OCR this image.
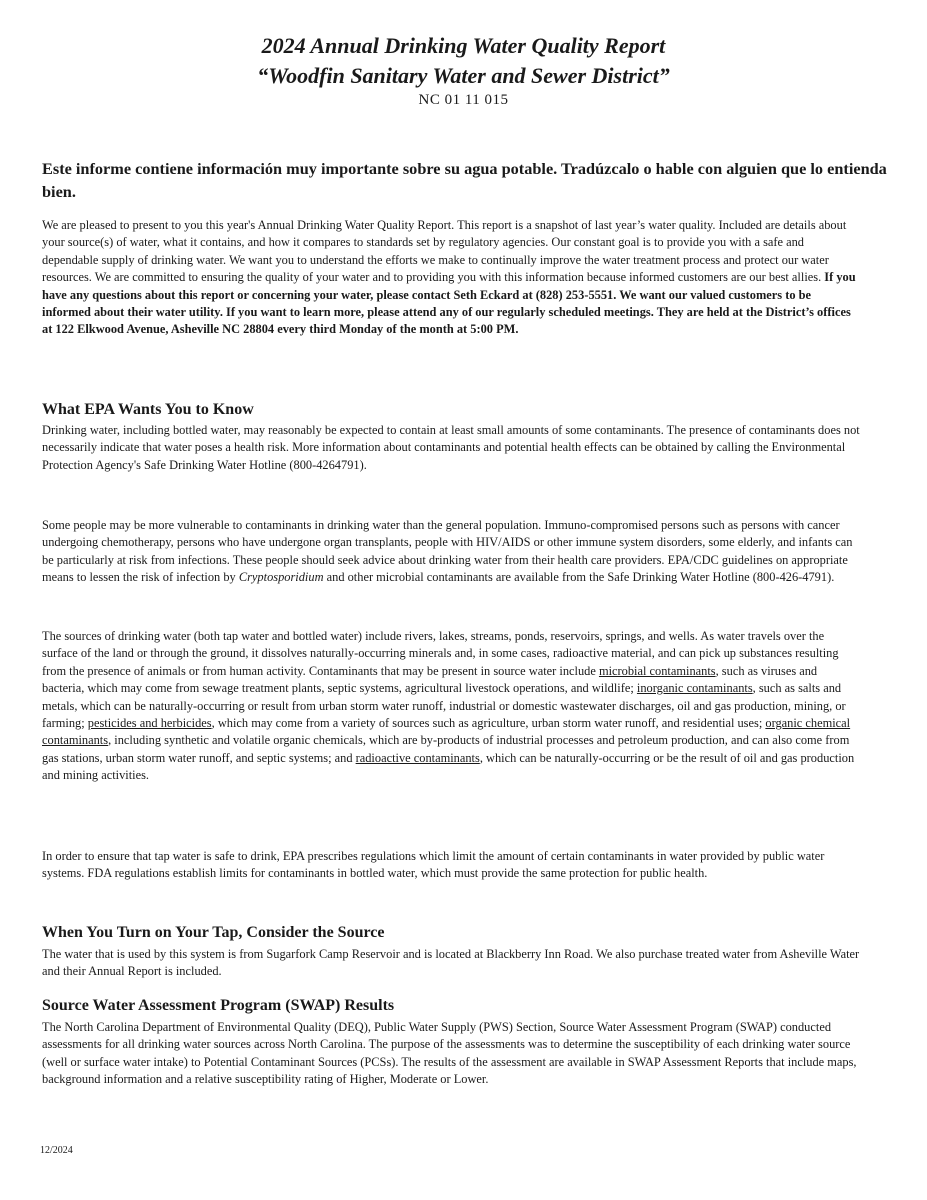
2024 Annual Drinking Water Quality Report
“Woodfin Sanitary Water and Sewer District”
NC 01 11 015

Este informe contiene información muy importante sobre su agua potable. Tradúzcalo o hable con alguien que lo entienda bien.

We are pleased to present to you this year's Annual Drinking Water Quality Report. This report is a snapshot of last year’s water quality. Included are details about your source(s) of water, what it contains, and how it compares to standards set by regulatory agencies. Our constant goal is to provide you with a safe and dependable supply of drinking water. We want you to understand the efforts we make to continually improve the water treatment process and protect our water resources. We are committed to ensuring the quality of your water and to providing you with this information because informed customers are our best allies. If you have any questions about this report or concerning your water, please contact Seth Eckard at (828) 253-5551. We want our valued customers to be informed about their water utility. If you want to learn more, please attend any of our regularly scheduled meetings. They are held at the District’s offices at 122 Elkwood Avenue, Asheville NC 28804 every third Monday of the month at 5:00 PM.

What EPA Wants You to Know

Drinking water, including bottled water, may reasonably be expected to contain at least small amounts of some contaminants. The presence of contaminants does not necessarily indicate that water poses a health risk. More information about contaminants and potential health effects can be obtained by calling the Environmental Protection Agency's Safe Drinking Water Hotline (800-4264791).

Some people may be more vulnerable to contaminants in drinking water than the general population. Immuno-compromised persons such as persons with cancer undergoing chemotherapy, persons who have undergone organ transplants, people with HIV/AIDS or other immune system disorders, some elderly, and infants can be particularly at risk from infections. These people should seek advice about drinking water from their health care providers. EPA/CDC guidelines on appropriate means to lessen the risk of infection by Cryptosporidium and other microbial contaminants are available from the Safe Drinking Water Hotline (800-426-4791).

The sources of drinking water (both tap water and bottled water) include rivers, lakes, streams, ponds, reservoirs, springs, and wells. As water travels over the surface of the land or through the ground, it dissolves naturally-occurring minerals and, in some cases, radioactive material, and can pick up substances resulting from the presence of animals or from human activity. Contaminants that may be present in source water include microbial contaminants, such as viruses and bacteria, which may come from sewage treatment plants, septic systems, agricultural livestock operations, and wildlife; inorganic contaminants, such as salts and metals, which can be naturally-occurring or result from urban storm water runoff, industrial or domestic wastewater discharges, oil and gas production, mining, or farming; pesticides and herbicides, which may come from a variety of sources such as agriculture, urban storm water runoff, and residential uses; organic chemical contaminants, including synthetic and volatile organic chemicals, which are by-products of industrial processes and petroleum production, and can also come from gas stations, urban storm water runoff, and septic systems; and radioactive contaminants, which can be naturally-occurring or be the result of oil and gas production and mining activities.

In order to ensure that tap water is safe to drink, EPA prescribes regulations which limit the amount of certain contaminants in water provided by public water systems. FDA regulations establish limits for contaminants in bottled water, which must provide the same protection for public health.

When You Turn on Your Tap, Consider the Source

The water that is used by this system is from Sugarfork Camp Reservoir and is located at Blackberry Inn Road. We also purchase treated water from Asheville Water and their Annual Report is included.

Source Water Assessment Program (SWAP) Results

The North Carolina Department of Environmental Quality (DEQ), Public Water Supply (PWS) Section, Source Water Assessment Program (SWAP) conducted assessments for all drinking water sources across North Carolina. The purpose of the assessments was to determine the susceptibility of each drinking water source (well or surface water intake) to Potential Contaminant Sources (PCSs). The results of the assessment are available in SWAP Assessment Reports that include maps, background information and a relative susceptibility rating of Higher, Moderate or Lower.

12/2024
